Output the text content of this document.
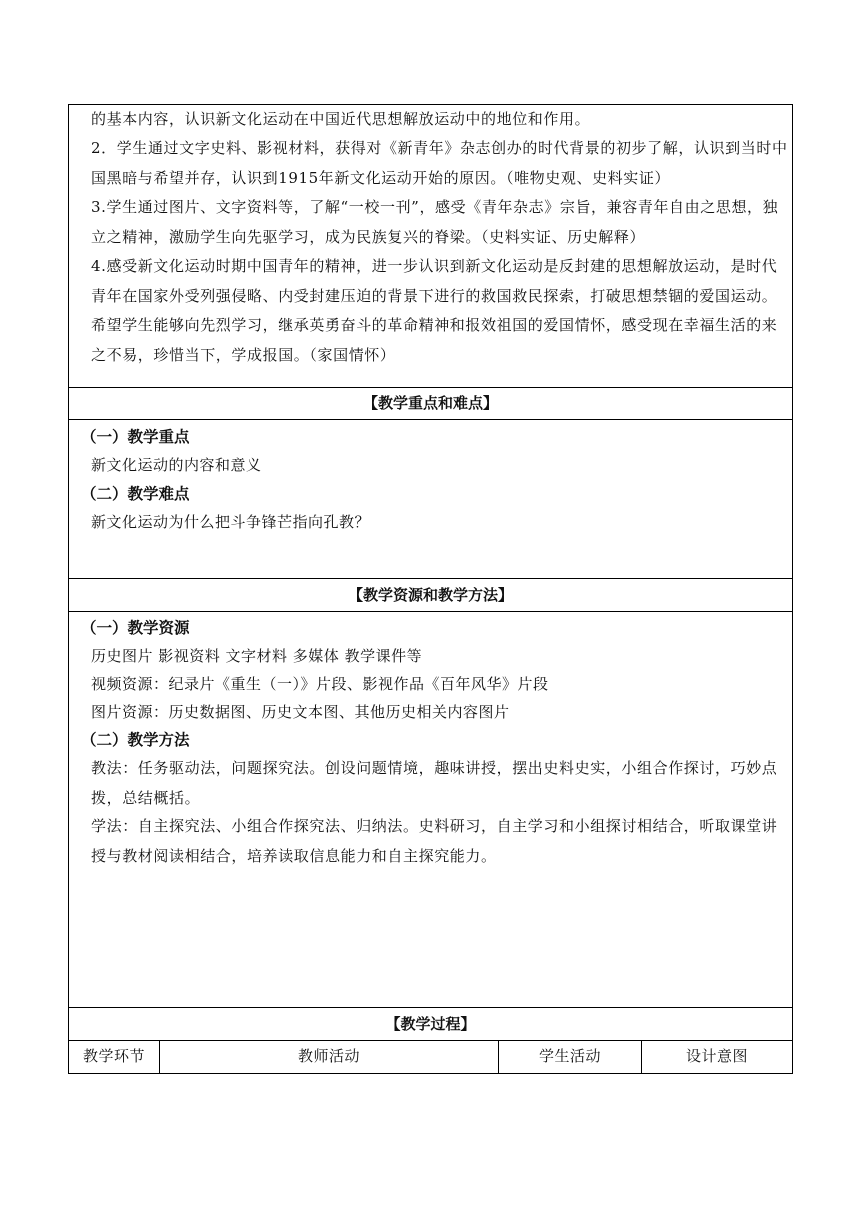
的基本内容，认识新文化运动在中国近代思想解放运动中的地位和作用。
2．学生通过文字史料、影视材料，获得对《新青年》杂志创办的时代背景的初步了解，认识到当时中国黑暗与希望并存，认识到1915年新文化运动开始的原因。（唯物史观、史料实证）
3.学生通过图片、文字资料等，了解“一校一刊”，感受《青年杂志》宗旨，兼容青年自由之思想，独立之精神，激励学生向先驱学习，成为民族复兴的脊梁。（史料实证、历史解释）
4.感受新文化运动时期中国青年的精神，进一步认识到新文化运动是反封建的思想解放运动，是时代青年在国家外受列强侵略、内受封建压迫的背景下进行的救国救民探索，打破思想禁锢的爱国运动。希望学生能够向先烈学习，继承英勇奋斗的革命精神和报效祖国的爱国情怀，感受现在幸福生活的来之不易，珍惜当下，学成报国。（家国情怀）
【教学重点和难点】
（一）教学重点
新文化运动的内容和意义
（二）教学难点
新文化运动为什么把斗争锋芒指向孔教？
【教学资源和教学方法】
（一）教学资源
历史图片 影视资料 文字材料 多媒体 教学课件等
视频资源：纪录片《重生（一）》片段、影视作品《百年风华》片段
图片资源：历史数据图、历史文本图、其他历史相关内容图片
（二）教学方法
教法：任务驱动法，问题探究法。创设问题情境，趣味讲授，摆出史料史实，小组合作探讨，巧妙点拨，总结概括。
学法：自主探究法、小组合作探究法、归纳法。史料研习，自主学习和小组探讨相结合，听取课堂讲授与教材阅读相结合，培养读取信息能力和自主探究能力。
【教学过程】
教学环节	教师活动	学生活动	设计意图
